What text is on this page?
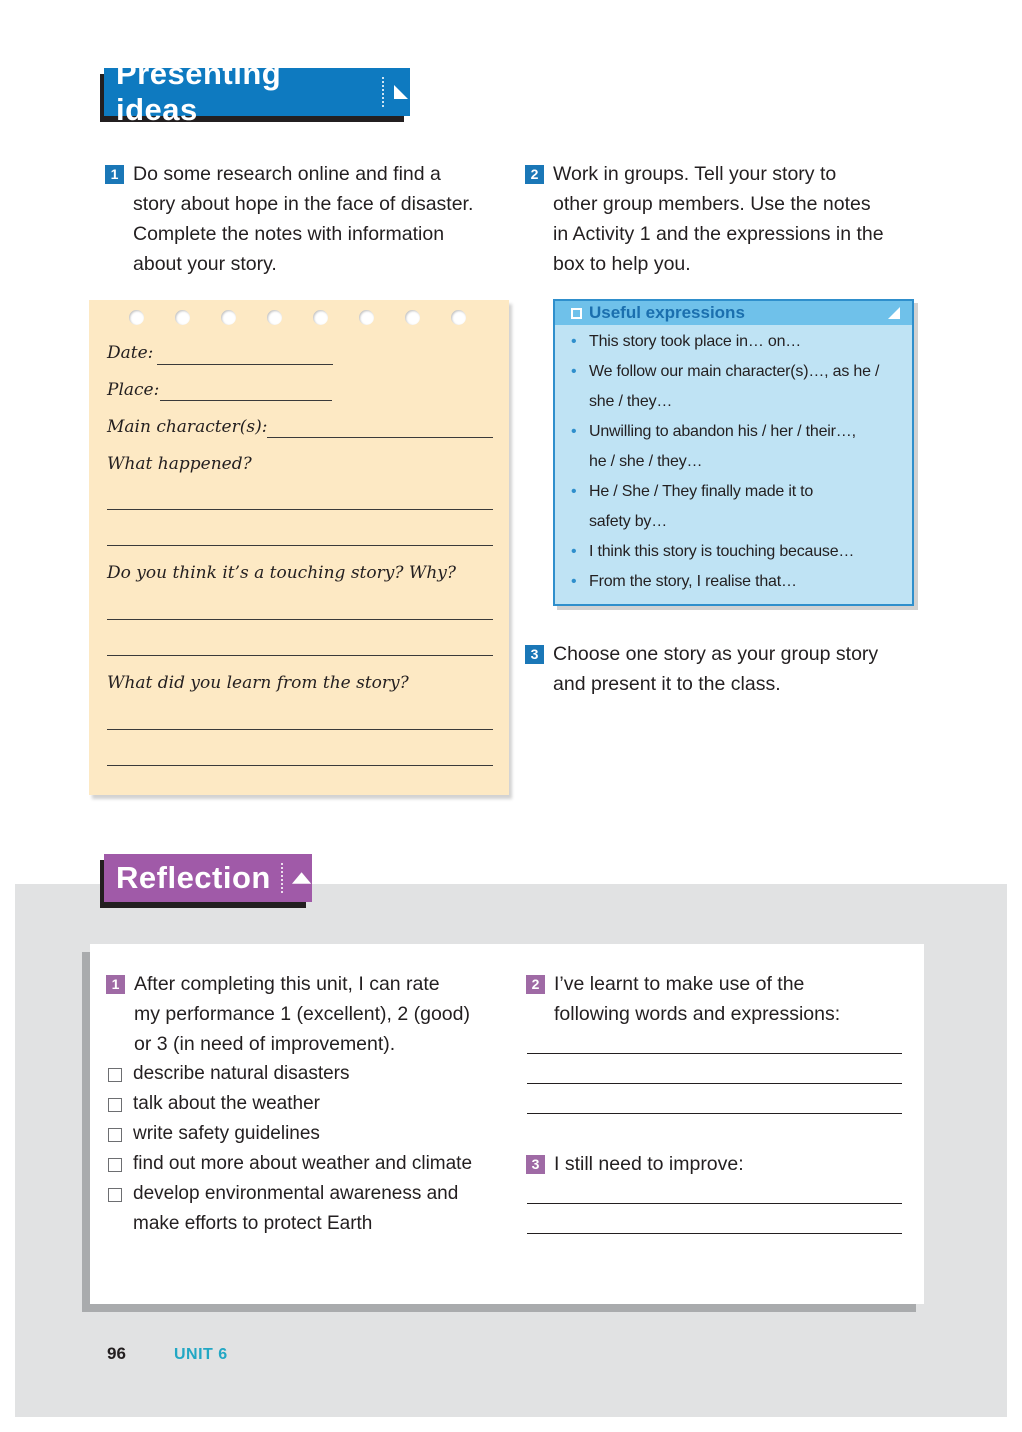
Presenting ideas
1 Do some research online and find a
story about hope in the face of disaster.
Complete the notes with information
about your story.
2 Work in groups. Tell your story to
other group members. Use the notes
in Activity 1 and the expressions in the
box to help you.
Date:
Place:
Main character(s):
What happened?
Do you think it’s a touching story? Why?
What did you learn from the story?
Useful expressions
• This story took place in… on…
• We follow our main character(s)…, as he /
she / they…
• Unwilling to abandon his / her / their…,
he / she / they…
• He / She / They finally made it to
safety by…
• I think this story is touching because…
• From the story, I realise that…
3 Choose one story as your group story
and present it to the class.
Reflection
1 After completing this unit, I can rate
my performance 1 (excellent), 2 (good)
or 3 (in need of improvement).
describe natural disasters
talk about the weather
write safety guidelines
find out more about weather and climate
develop environmental awareness and
make efforts to protect Earth
2 I’ve learnt to make use of the
following words and expressions:
3 I still need to improve:
96	UNIT 6
